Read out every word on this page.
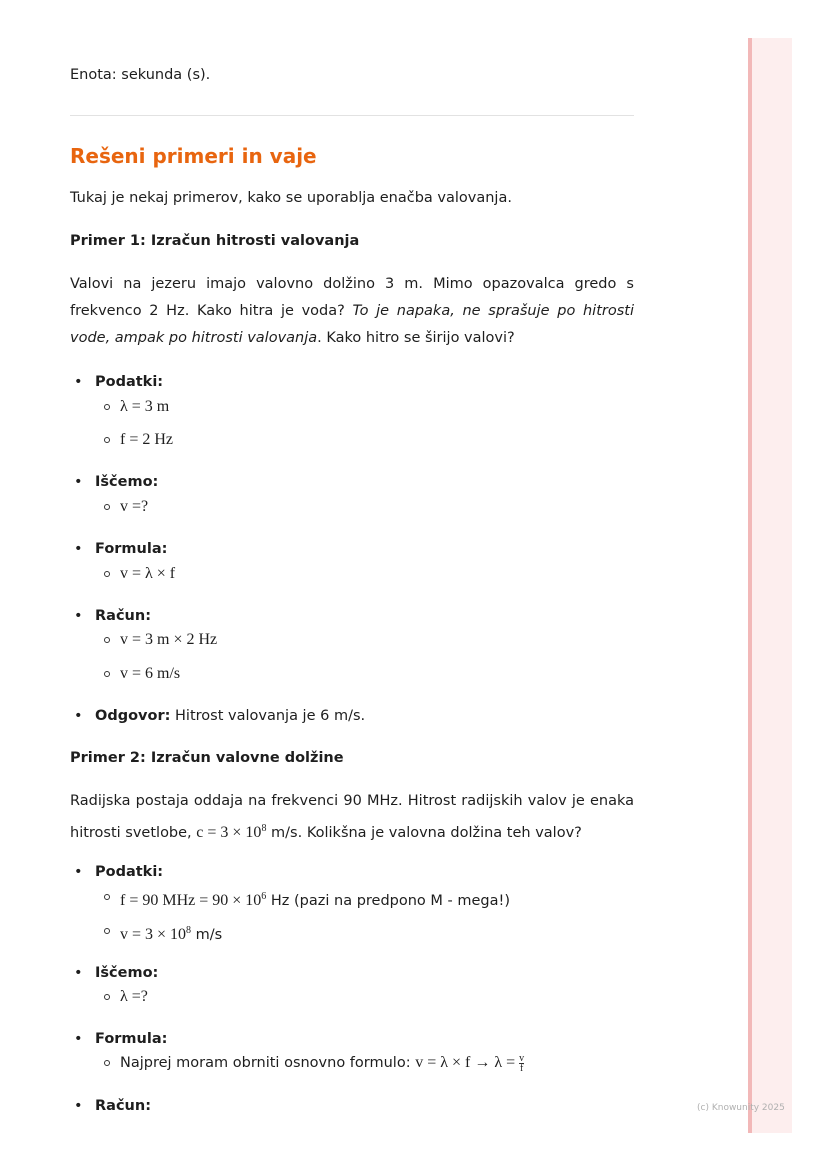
Enota: sekunda (s).
Rešeni primeri in vaje
Tukaj je nekaj primerov, kako se uporablja enačba valovanja.
Primer 1: Izračun hitrosti valovanja
Valovi na jezeru imajo valovno dolžino 3 m. Mimo opazovalca gredo s frekvenco 2 Hz. Kako hitra je voda? To je napaka, ne sprašuje po hitrosti vode, ampak po hitrosti valovanja. Kako hitro se širijo valovi?
• Podatki:
λ = 3 m
f = 2 Hz
• Iščemo:
v =?
• Formula:
v = λ × f
• Račun:
v = 3 m × 2 Hz
v = 6 m/s
• Odgovor: Hitrost valovanja je 6 m/s.
Primer 2: Izračun valovne dolžine
Radijska postaja oddaja na frekvenci 90 MHz. Hitrost radijskih valov je enaka hitrosti svetlobe, $c = 3 \times 10^8$ m/s. Kolikšna je valovna dolžina teh valov?
• Podatki:
f = 90 MHz = $90 \times 10^6$ Hz (pazi na predpono M - mega!)
$v = 3 \times 10^8$ m/s
• Iščemo:
λ =?
• Formula:
Najprej moram obrniti osnovno formulo: $v = \lambda \times f \to \lambda = \frac{v}{f}$
• Račun:	(c) Knowunity 2025
